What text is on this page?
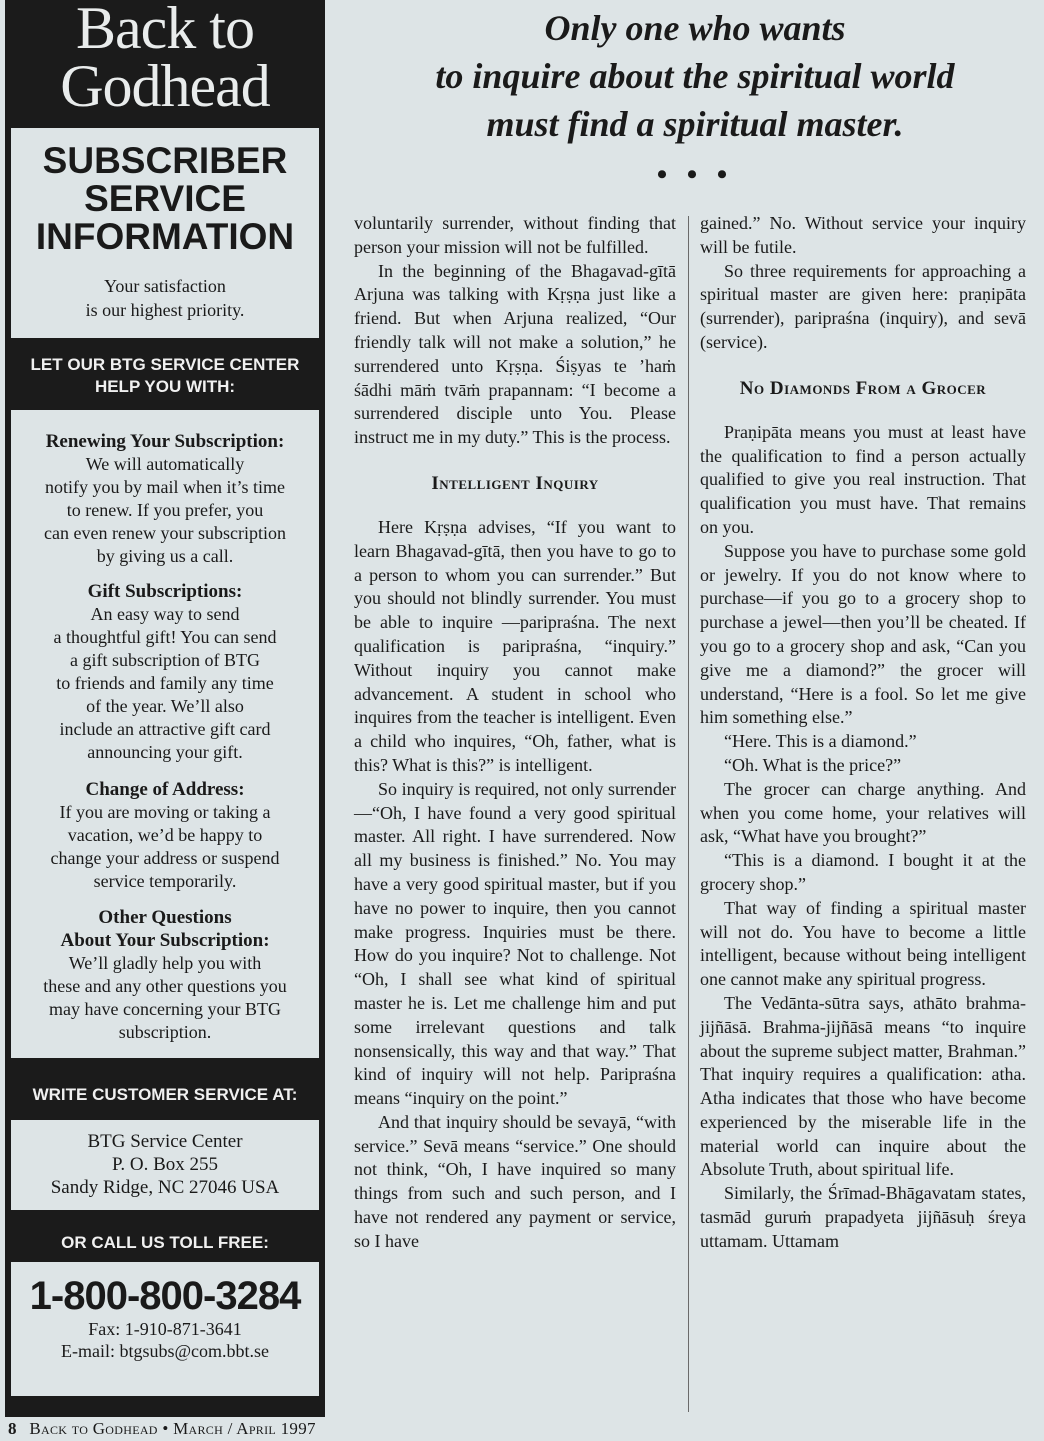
Back to
Godhead
SUBSCRIBER
SERVICE
INFORMATION
Your satisfaction
is our highest priority.
LET OUR BTG SERVICE CENTER
HELP YOU WITH:
Renewing Your Subscription:
We will automatically
notify you by mail when it’s time
to renew. If you prefer, you
can even renew your subscription
by giving us a call.
Gift Subscriptions:
An easy way to send
a thoughtful gift! You can send
a gift subscription of BTG
to friends and family any time
of the year. We’ll also
include an attractive gift card
announcing your gift.
Change of Address:
If you are moving or taking a
vacation, we’d be happy to
change your address or suspend
service temporarily.
Other Questions
About Your Subscription:
We’ll gladly help you with
these and any other questions you
may have concerning your BTG
subscription.
WRITE CUSTOMER SERVICE AT:
BTG Service Center
P. O. Box 255
Sandy Ridge, NC 27046 USA
OR CALL US TOLL FREE:
1-800-800-3284
Fax: 1-910-871-3641
E-mail: btgsubs@com.bbt.se
Only one who wants
to inquire about the spiritual world
must find a spiritual master.
• • •

voluntarily surrender, without finding that person your mission will not be fulfilled.

In the beginning of the Bhagavad-gītā Arjuna was talking with Kṛṣṇa just like a friend. But when Arjuna realized, “Our friendly talk will not make a solution,” he surrendered unto Kṛṣṇa. Śiṣyas te ’haṁ śādhi māṁ tvāṁ prapannam: “I become a surrendered disciple unto You. Please instruct me in my duty.” This is the process.

Intelligent Inquiry

Here Kṛṣṇa advises, “If you want to learn Bhagavad-gītā, then you have to go to a person to whom you can surrender.” But you should not blindly surrender. You must be able to inquire —paripraśna. The next qualification is paripraśna, “inquiry.” Without inquiry you cannot make advancement. A student in school who inquires from the teacher is intelligent. Even a child who inquires, “Oh, father, what is this? What is this?” is intelligent.

So inquiry is required, not only surrender—“Oh, I have found a very good spiritual master. All right. I have surrendered. Now all my business is finished.” No. You may have a very good spiritual master, but if you have no power to inquire, then you cannot make progress. Inquiries must be there. How do you inquire? Not to challenge. Not “Oh, I shall see what kind of spiritual master he is. Let me challenge him and put some irrelevant questions and talk nonsensically, this way and that way.” That kind of inquiry will not help. Paripraśna means “inquiry on the point.”

And that inquiry should be sevayā, “with service.” Sevā means “service.” One should not think, “Oh, I have inquired so many things from such and such person, and I have not rendered any payment or service, so I have

gained.” No. Without service your inquiry will be futile.

So three requirements for approaching a spiritual master are given here: praṇipāta (surrender), paripraśna (inquiry), and sevā (service).

No Diamonds From a Grocer

Praṇipāta means you must at least have the qualification to find a person actually qualified to give you real instruction. That qualification you must have. That remains on you.

Suppose you have to purchase some gold or jewelry. If you do not know where to purchase—if you go to a grocery shop to purchase a jewel—then you’ll be cheated. If you go to a grocery shop and ask, “Can you give me a diamond?” the grocer will understand, “Here is a fool. So let me give him something else.”

“Here. This is a diamond.”

“Oh. What is the price?”

The grocer can charge anything. And when you come home, your relatives will ask, “What have you brought?”

“This is a diamond. I bought it at the grocery shop.”

That way of finding a spiritual master will not do. You have to become a little intelligent, because without being intelligent one cannot make any spiritual progress.

The Vedānta-sūtra says, athāto brahma-jijñāsā. Brahma-jijñāsā means “to inquire about the supreme subject matter, Brahman.” That inquiry requires a qualification: atha. Atha indicates that those who have become experienced by the miserable life in the material world can inquire about the Absolute Truth, about spiritual life.

Similarly, the Śrīmad-Bhāgavatam states, tasmād guruṁ prapadyeta jijñāsuḥ śreya uttamam. Uttamam

8 Back to Godhead • March / April 1997
